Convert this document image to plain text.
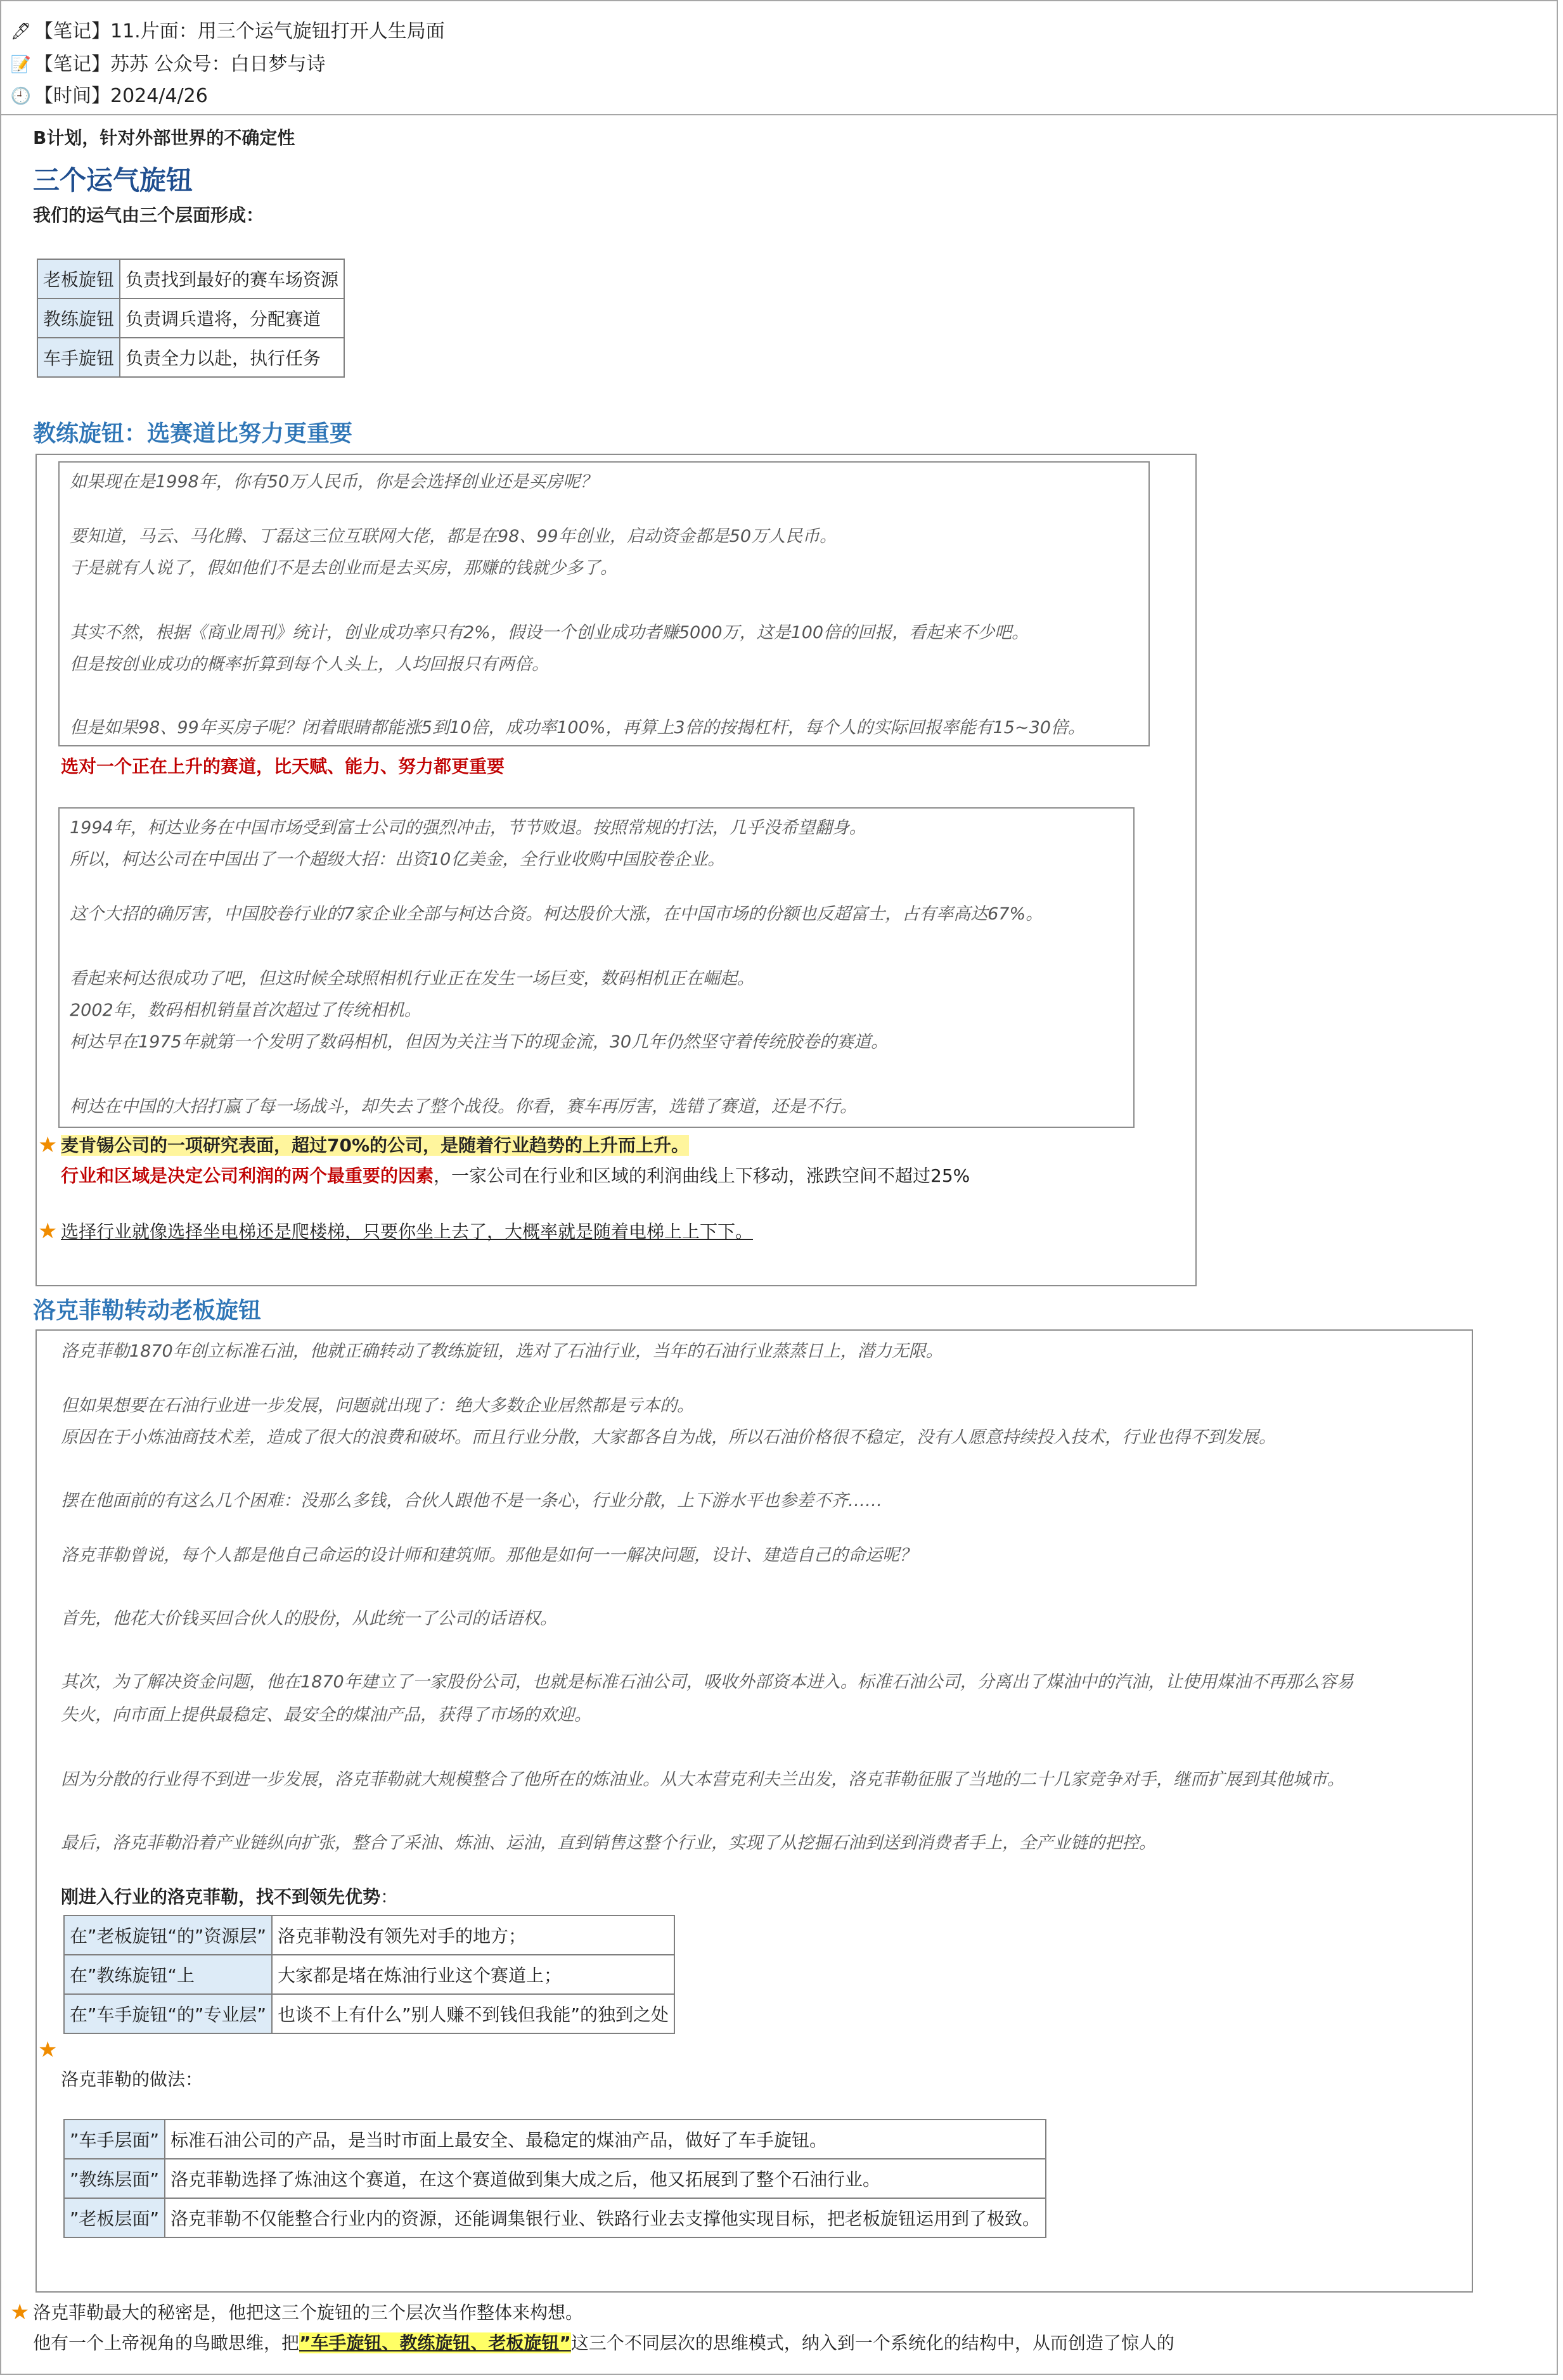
🖋 【笔记】11.片面：用三个运气旋钮打开人生局面
📝 【笔记】苏苏 公众号：白日梦与诗
🕘 【时间】2024/4/26
B计划，针对外部世界的不确定性
三个运气旋钮
我们的运气由三个层面形成：
老板旋钮	负责找到最好的赛车场资源
教练旋钮	负责调兵遣将，分配赛道
车手旋钮	负责全力以赴，执行任务
教练旋钮：选赛道比努力更重要
如果现在是1998年，你有50万人民币，你是会选择创业还是买房呢？
要知道，马云、马化腾、丁磊这三位互联网大佬，都是在98、99年创业，启动资金都是50万人民币。
于是就有人说了，假如他们不是去创业而是去买房，那赚的钱就少多了。
其实不然，根据《商业周刊》统计，创业成功率只有2%，假设一个创业成功者赚5000万，这是100倍的回报，看起来不少吧。
但是按创业成功的概率折算到每个人头上，人均回报只有两倍。
但是如果98、99年买房子呢？闭着眼睛都能涨5到10倍，成功率100%，再算上3倍的按揭杠杆，每个人的实际回报率能有15~30倍。
选对一个正在上升的赛道，比天赋、能力、努力都更重要
1994年，柯达业务在中国市场受到富士公司的强烈冲击，节节败退。按照常规的打法，几乎没希望翻身。
所以，柯达公司在中国出了一个超级大招：出资10亿美金，全行业收购中国胶卷企业。
这个大招的确厉害，中国胶卷行业的7家企业全部与柯达合资。柯达股价大涨，在中国市场的份额也反超富士，占有率高达67%。
看起来柯达很成功了吧，但这时候全球照相机行业正在发生一场巨变，数码相机正在崛起。
2002年，数码相机销量首次超过了传统相机。
柯达早在1975年就第一个发明了数码相机，但因为关注当下的现金流，30几年仍然坚守着传统胶卷的赛道。
柯达在中国的大招打赢了每一场战斗，却失去了整个战役。你看，赛车再厉害，选错了赛道，还是不行。
★ 麦肯锡公司的一项研究表面，超过70%的公司，是随着行业趋势的上升而上升。
行业和区域是决定公司利润的两个最重要的因素，一家公司在行业和区域的利润曲线上下移动，涨跌空间不超过25%
★ 选择行业就像选择坐电梯还是爬楼梯，只要你坐上去了，大概率就是随着电梯上上下下。
洛克菲勒转动老板旋钮
洛克菲勒1870年创立标准石油，他就正确转动了教练旋钮，选对了石油行业，当年的石油行业蒸蒸日上，潜力无限。
但如果想要在石油行业进一步发展，问题就出现了：绝大多数企业居然都是亏本的。
原因在于小炼油商技术差，造成了很大的浪费和破坏。而且行业分散，大家都各自为战，所以石油价格很不稳定，没有人愿意持续投入技术，行业也得不到发展。
摆在他面前的有这么几个困难：没那么多钱，合伙人跟他不是一条心，行业分散，上下游水平也参差不齐……
洛克菲勒曾说，每个人都是他自己命运的设计师和建筑师。那他是如何一一解决问题，设计、建造自己的命运呢？
首先，他花大价钱买回合伙人的股份，从此统一了公司的话语权。
其次，为了解决资金问题，他在1870年建立了一家股份公司，也就是标准石油公司，吸收外部资本进入。标准石油公司，分离出了煤油中的汽油，让使用煤油不再那么容易
失火，向市面上提供最稳定、最安全的煤油产品，获得了市场的欢迎。
因为分散的行业得不到进一步发展，洛克菲勒就大规模整合了他所在的炼油业。从大本营克利夫兰出发，洛克菲勒征服了当地的二十几家竞争对手，继而扩展到其他城市。
最后，洛克菲勒沿着产业链纵向扩张，整合了采油、炼油、运油，直到销售这整个行业，实现了从挖掘石油到送到消费者手上，全产业链的把控。
刚进入行业的洛克菲勒，找不到领先优势：
在”老板旋钮“的”资源层”	洛克菲勒没有领先对手的地方；
在”教练旋钮“上	大家都是堵在炼油行业这个赛道上；
在”车手旋钮“的”专业层”	也谈不上有什么”别人赚不到钱但我能”的独到之处
★
洛克菲勒的做法：
”车手层面”	标准石油公司的产品，是当时市面上最安全、最稳定的煤油产品，做好了车手旋钮。
”教练层面”	洛克菲勒选择了炼油这个赛道，在这个赛道做到集大成之后，他又拓展到了整个石油行业。
”老板层面”	洛克菲勒不仅能整合行业内的资源，还能调集银行业、铁路行业去支撑他实现目标，把老板旋钮运用到了极致。
★ 洛克菲勒最大的秘密是，他把这三个旋钮的三个层次当作整体来构想。
他有一个上帝视角的鸟瞰思维，把”车手旋钮、教练旋钮、老板旋钮”这三个不同层次的思维模式，纳入到一个系统化的结构中，从而创造了惊人的
